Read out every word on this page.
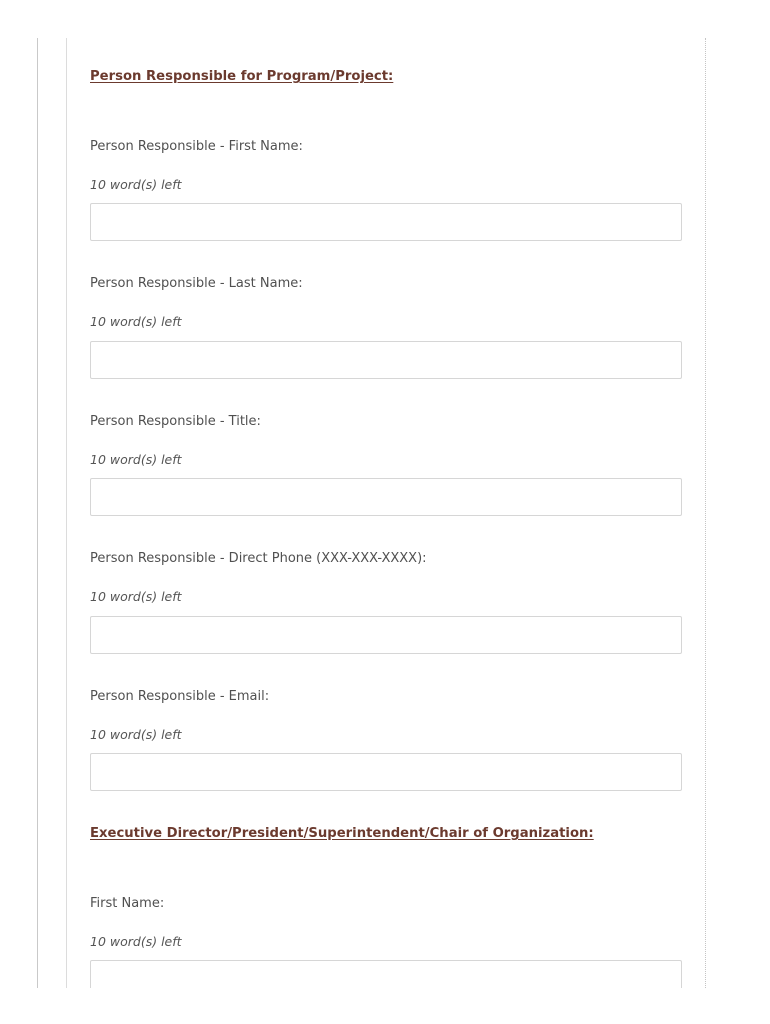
Person Responsible for Program/Project:
Person Responsible - First Name:
10 word(s) left
Person Responsible - Last Name:
10 word(s) left
Person Responsible - Title:
10 word(s) left
Person Responsible - Direct Phone (XXX-XXX-XXXX):
10 word(s) left
Person Responsible - Email:
10 word(s) left
Executive Director/President/Superintendent/Chair of Organization:
First Name:
10 word(s) left
